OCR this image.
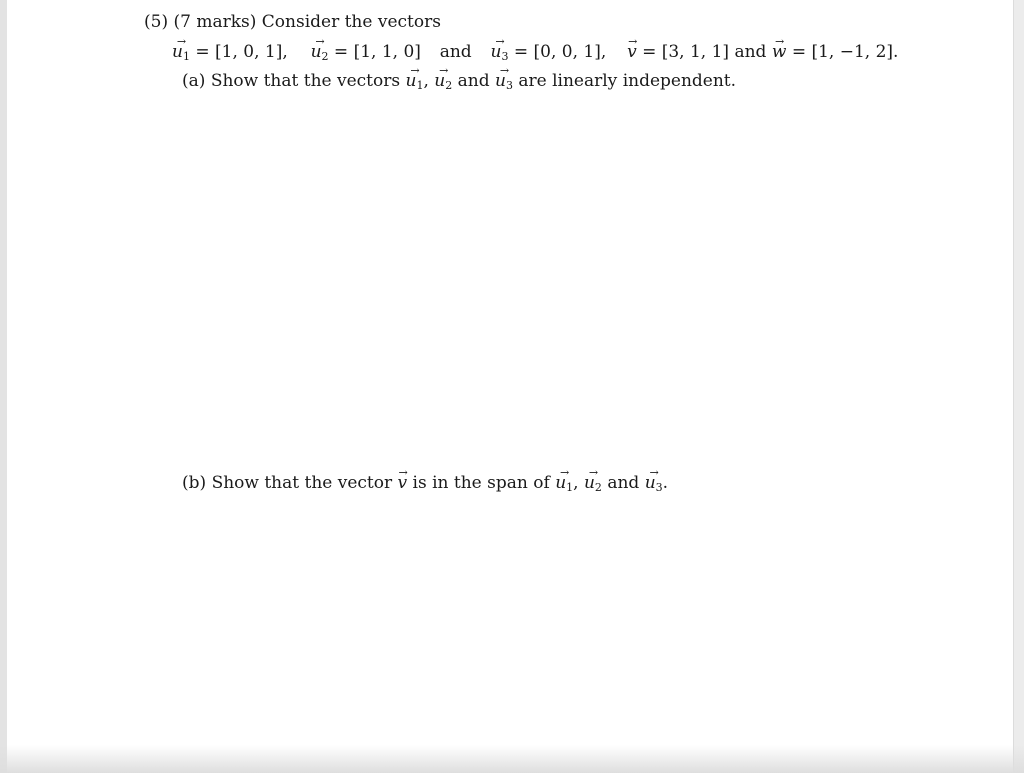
(5) (7 marks) Consider the vectors
→ $u_1 = [1$, 0, 1], → $u_2 = [1$, 1, 0] and → $u_3 = [0$, 0, 1], → v = [3, 1, 1] and → w = [1, −1, 2].
(a) Show that the vectors → $u_1$, → $u_2$ and → $u_3$ are linearly independent.
(b) Show that the vector → v is in the span of → $u_1$, → $u_2$ and → $u_3$.
